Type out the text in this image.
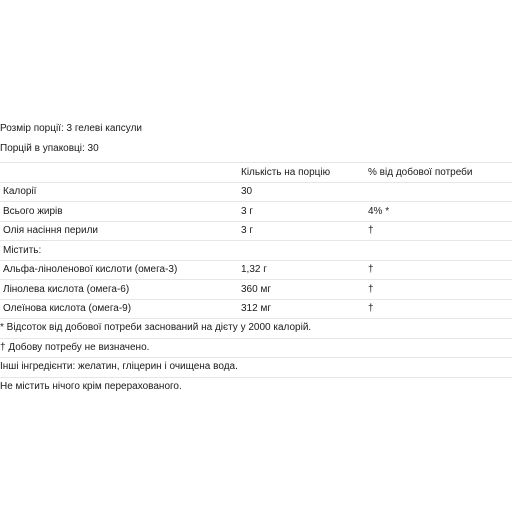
Розмір порції: 3 гелеві капсули
Порцій в упаковці: 30
	Кількість на порцію	% від добової потреби
Калорії	30	
Всього жирів	3 г	4% *
Олія насіння перили	3 г	†
Містить:		
Альфа-ліноленової кислоти (омега-3)	1,32 г	†
Лінолева кислота (омега-6)	360 мг	†
Олеїнова кислота (омега-9)	312 мг	†
* Відсоток від добової потреби заснований на дієту у 2000 калорій.
† Добову потребу не визначено.
Інші інгредієнти: желатин, гліцерин і очищена вода.
Не містить нічого крім перерахованого.
